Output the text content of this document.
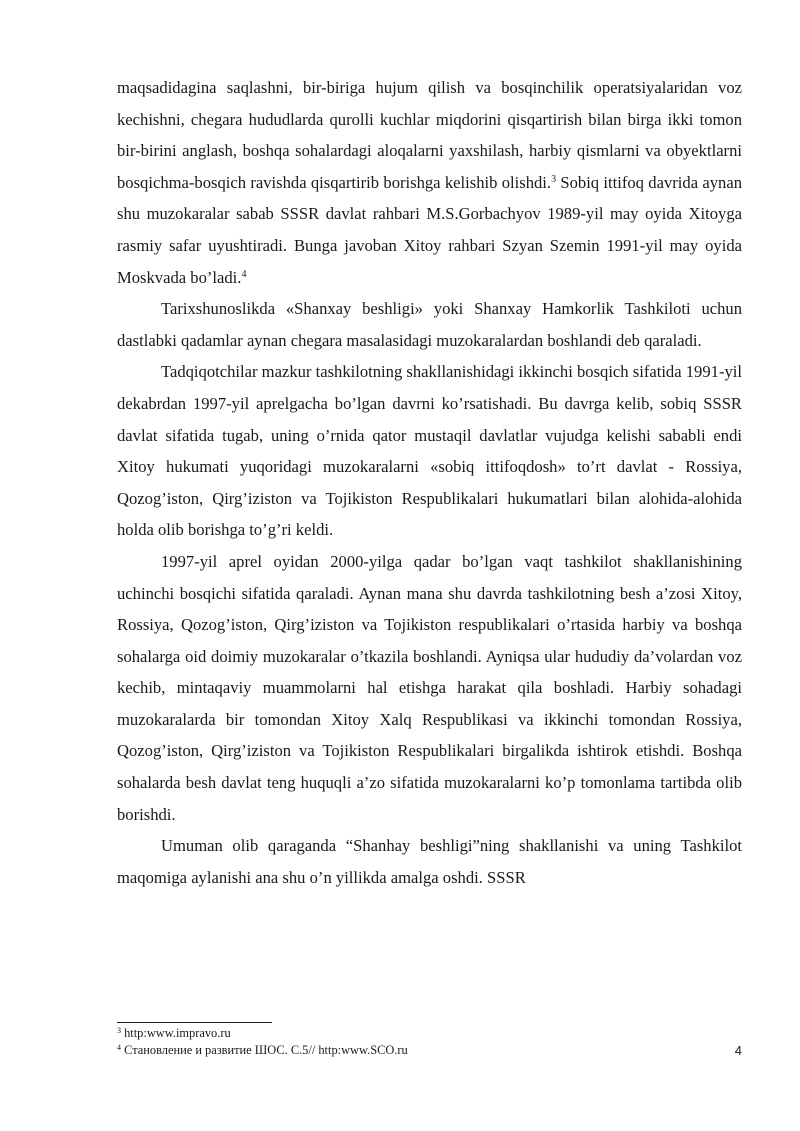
maqsadidagina saqlashni, bir-biriga hujum qilish va bosqinchilik operatsiyalaridan voz kechishni, chegara hududlarda qurolli kuchlar miqdorini qisqartirish bilan birga ikki tomon bir-birini anglash, boshqa sohalardagi aloqalarni yaxshilash, harbiy qismlarni va obyektlarni bosqichma-bosqich ravishda qisqartirib borishga kelishib olishdi.$^3$ Sobiq ittifoq davrida aynan shu muzokaralar sabab SSSR davlat rahbari M.S.Gorbachyov 1989-yil may oyida Xitoyga rasmiy safar uyushtiradi. Bunga javoban Xitoy rahbari Szyan Szemin 1991-yil may oyida Moskvada bo’ladi.$^4$

Tarixshunoslikda «Shanxay beshligi» yoki Shanxay Hamkorlik Tashkiloti uchun dastlabki qadamlar aynan chegara masalasidagi muzokaralardan boshlandi deb qaraladi.

Tadqiqotchilar mazkur tashkilotning shakllanishidagi ikkinchi bosqich sifatida 1991-yil dekabrdan 1997-yil aprelgacha bo’lgan davrni ko’rsatishadi. Bu davrga kelib, sobiq SSSR davlat sifatida tugab, uning o’rnida qator mustaqil davlatlar vujudga kelishi sababli endi Xitoy hukumati yuqoridagi muzokaralarni «sobiq ittifoqdosh» to’rt davlat - Rossiya, Qozog’iston, Qirg’iziston va Tojikiston Respublikalari hukumatlari bilan alohida-alohida holda olib borishga to’g’ri keldi.

1997-yil aprel oyidan 2000-yilga qadar bo’lgan vaqt tashkilot shakllanishining uchinchi bosqichi sifatida qaraladi. Aynan mana shu davrda tashkilotning besh a’zosi Xitoy, Rossiya, Qozog’iston, Qirg’iziston va Tojikiston respublikalari o’rtasida harbiy va boshqa sohalarga oid doimiy muzokaralar o’tkazila boshlandi. Ayniqsa ular hududiy da’volardan voz kechib, mintaqaviy muammolarni hal etishga harakat qila boshladi. Harbiy sohadagi muzokaralarda bir tomondan Xitoy Xalq Respublikasi va ikkinchi tomondan Rossiya, Qozog’iston, Qirg’iziston va Tojikiston Respublikalari birgalikda ishtirok etishdi. Boshqa sohalarda besh davlat teng huquqli a’zo sifatida muzokaralarni ko’p tomonlama tartibda olib borishdi.

Umuman olib qaraganda “Shanhay beshligi”ning shakllanishi va uning Tashkilot maqomiga aylanishi ana shu o’n yillikda amalga oshdi. SSSR

$^3$ http:www.impravo.ru

$^4$ Становление и развитие ШОС. С.5// http:www.SCO.ru	4
